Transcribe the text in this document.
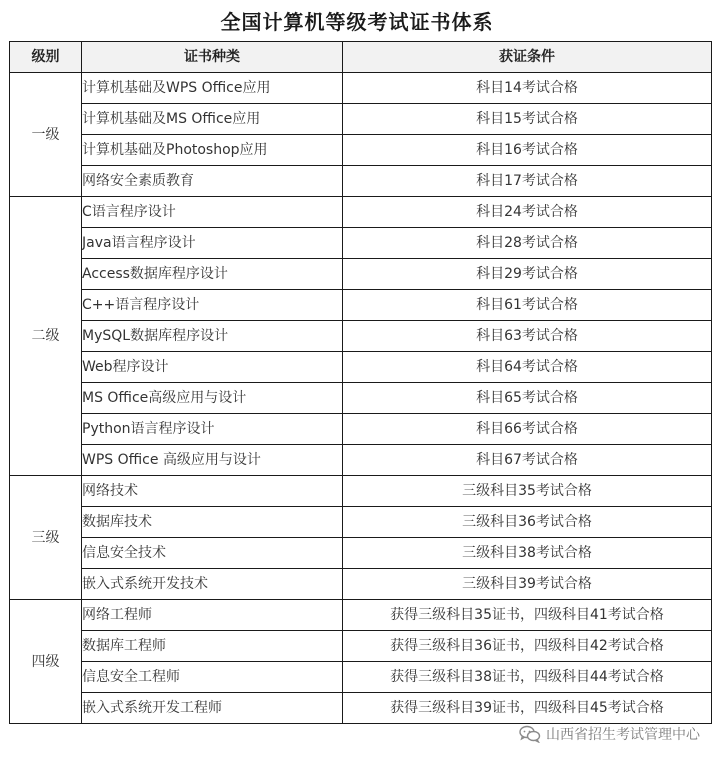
全国计算机等级考试证书体系
级别	证书种类	获证条件
一级	计算机基础及WPS Office应用	科目14考试合格
	计算机基础及MS Office应用	科目15考试合格
	计算机基础及Photoshop应用	科目16考试合格
	网络安全素质教育	科目17考试合格
二级	C语言程序设计	科目24考试合格
	Java语言程序设计	科目28考试合格
	Access数据库程序设计	科目29考试合格
	C++语言程序设计	科目61考试合格
	MySQL数据库程序设计	科目63考试合格
	Web程序设计	科目64考试合格
	MS Office高级应用与设计	科目65考试合格
	Python语言程序设计	科目66考试合格
	WPS Office 高级应用与设计	科目67考试合格
三级	网络技术	三级科目35考试合格
	数据库技术	三级科目36考试合格
	信息安全技术	三级科目38考试合格
	嵌入式系统开发技术	三级科目39考试合格
四级	网络工程师	获得三级科目35证书，四级科目41考试合格
	数据库工程师	获得三级科目36证书，四级科目42考试合格
	信息安全工程师	获得三级科目38证书，四级科目44考试合格
	嵌入式系统开发工程师	获得三级科目39证书，四级科目45考试合格
山西省招生考试管理中心
